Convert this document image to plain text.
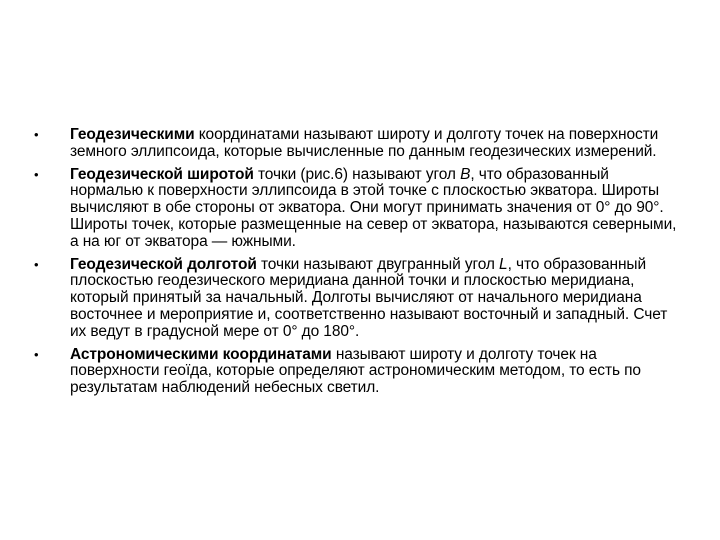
•	Геодезическими координатами называют широту и долготу точек на поверхности земного эллипсоида, которые вычисленные по данным геодезических измерений.
•	Геодезической широтой точки (рис.6) называют угол B, что образованный нормалью к поверхности эллипсоида в этой точке с плоскостью экватора. Широты вычисляют в обе стороны от экватора. Они могут принимать значения от 0° до 90°. Широты точек, которые размещенные на север от экватора, называются северными, а на юг от экватора — южными.
•	Геодезической долготой точки называют двугранный угол L, что образованный плоскостью геодезического меридиана данной точки и плоскостью меридиана, который принятый за начальный. Долготы вычисляют от начального меридиана восточнее и мероприятие и, соответственно называют восточный и западный. Счет их ведут в градусной мере от 0° до 180°.
•	Астрономическими координатами называют широту и долготу точек на поверхности геоїда, которые определяют астрономическим методом, то есть по результатам наблюдений небесных светил.
